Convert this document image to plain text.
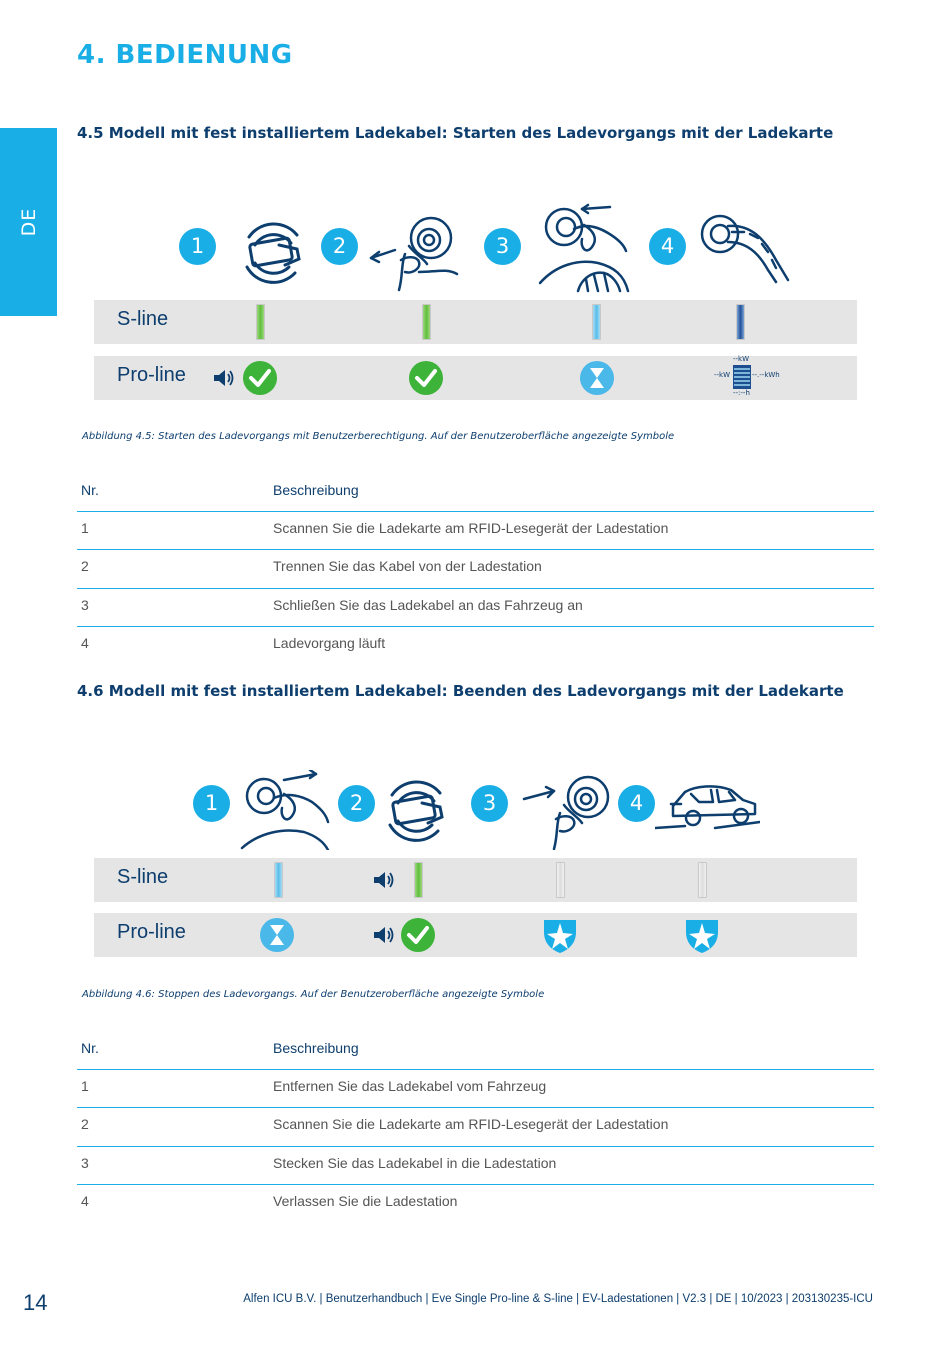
DE
4. BEDIENUNG
4.5 Modell mit fest installiertem Ladekabel: Starten des Ladevorgangs mit der Ladekarte
1	2	3	4
S-line
Pro-line
--kW
--kW	--.--kWh
--:--h
Abbildung 4.5: Starten des Ladevorgangs mit Benutzerberechtigung. Auf der Benutzeroberfläche angezeigte Symbole
Nr.	Beschreibung
1	Scannen Sie die Ladekarte am RFID-Lesegerät der Ladestation
2	Trennen Sie das Kabel von der Ladestation
3	Schließen Sie das Ladekabel an das Fahrzeug an
4	Ladevorgang läuft
4.6 Modell mit fest installiertem Ladekabel: Beenden des Ladevorgangs mit der Ladekarte
1	2	3	4
S-line
Pro-line
Abbildung 4.6: Stoppen des Ladevorgangs. Auf der Benutzeroberfläche angezeigte Symbole
Nr.	Beschreibung
1	Entfernen Sie das Ladekabel vom Fahrzeug
2	Scannen Sie die Ladekarte am RFID-Lesegerät der Ladestation
3	Stecken Sie das Ladekabel in die Ladestation
4	Verlassen Sie die Ladestation
14	Alfen ICU B.V. | Benutzerhandbuch | Eve Single Pro-line & S-line | EV-Ladestationen | V2.3 | DE | 10/2023 | 203130235-ICU
